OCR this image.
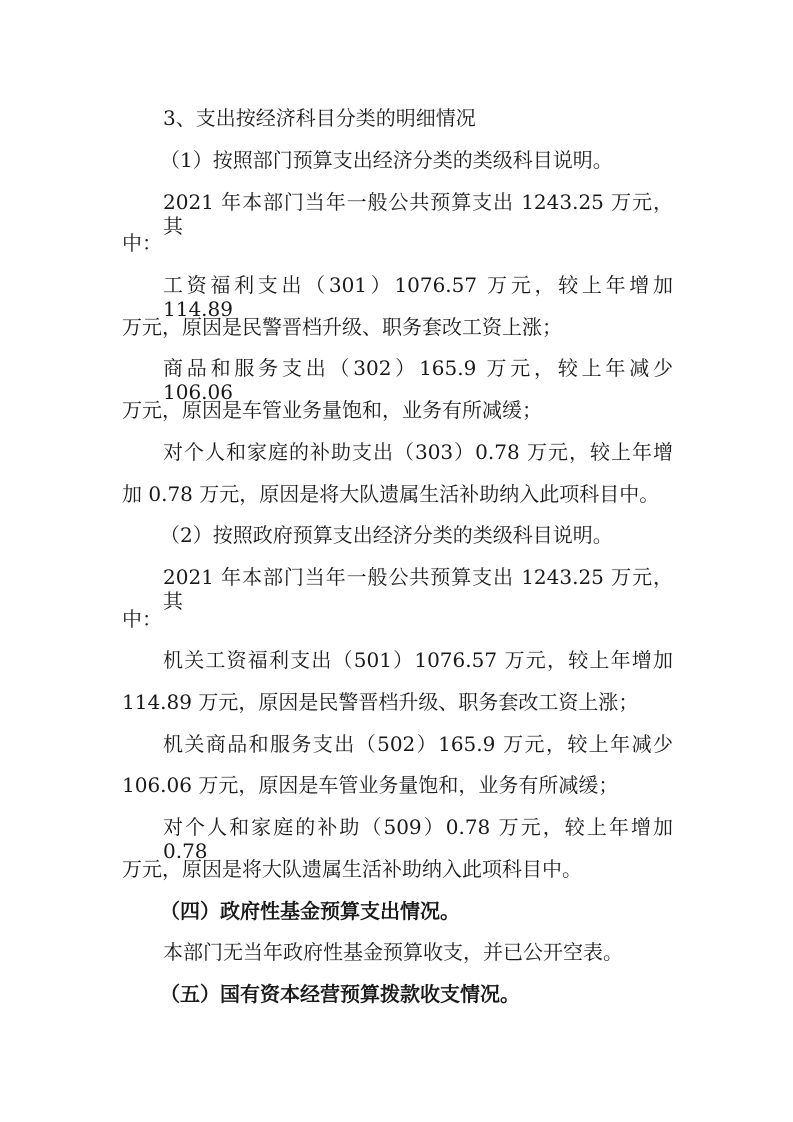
3、支出按经济科目分类的明细情况

（1）按照部门预算支出经济分类的类级科目说明。

2021 年本部门当年一般公共预算支出 1243.25 万元，其

中：

工资福利支出（301）1076.57 万元，较上年增加 114.89

万元，原因是民警晋档升级、职务套改工资上涨；

商品和服务支出（302）165.9 万元，较上年减少 106.06

万元，原因是车管业务量饱和，业务有所减缓；

对个人和家庭的补助支出（303）0.78 万元，较上年增

加 0.78 万元，原因是将大队遗属生活补助纳入此项科目中。

（2）按照政府预算支出经济分类的类级科目说明。

2021 年本部门当年一般公共预算支出 1243.25 万元，其

中：

机关工资福利支出（501）1076.57 万元，较上年增加

114.89 万元，原因是民警晋档升级、职务套改工资上涨；

机关商品和服务支出（502）165.9 万元，较上年减少

106.06 万元，原因是车管业务量饱和，业务有所减缓；

对个人和家庭的补助（509）0.78 万元，较上年增加 0.78

万元，原因是将大队遗属生活补助纳入此项科目中。

（四）政府性基金预算支出情况。

本部门无当年政府性基金预算收支，并已公开空表。

（五）国有资本经营预算拨款收支情况。
